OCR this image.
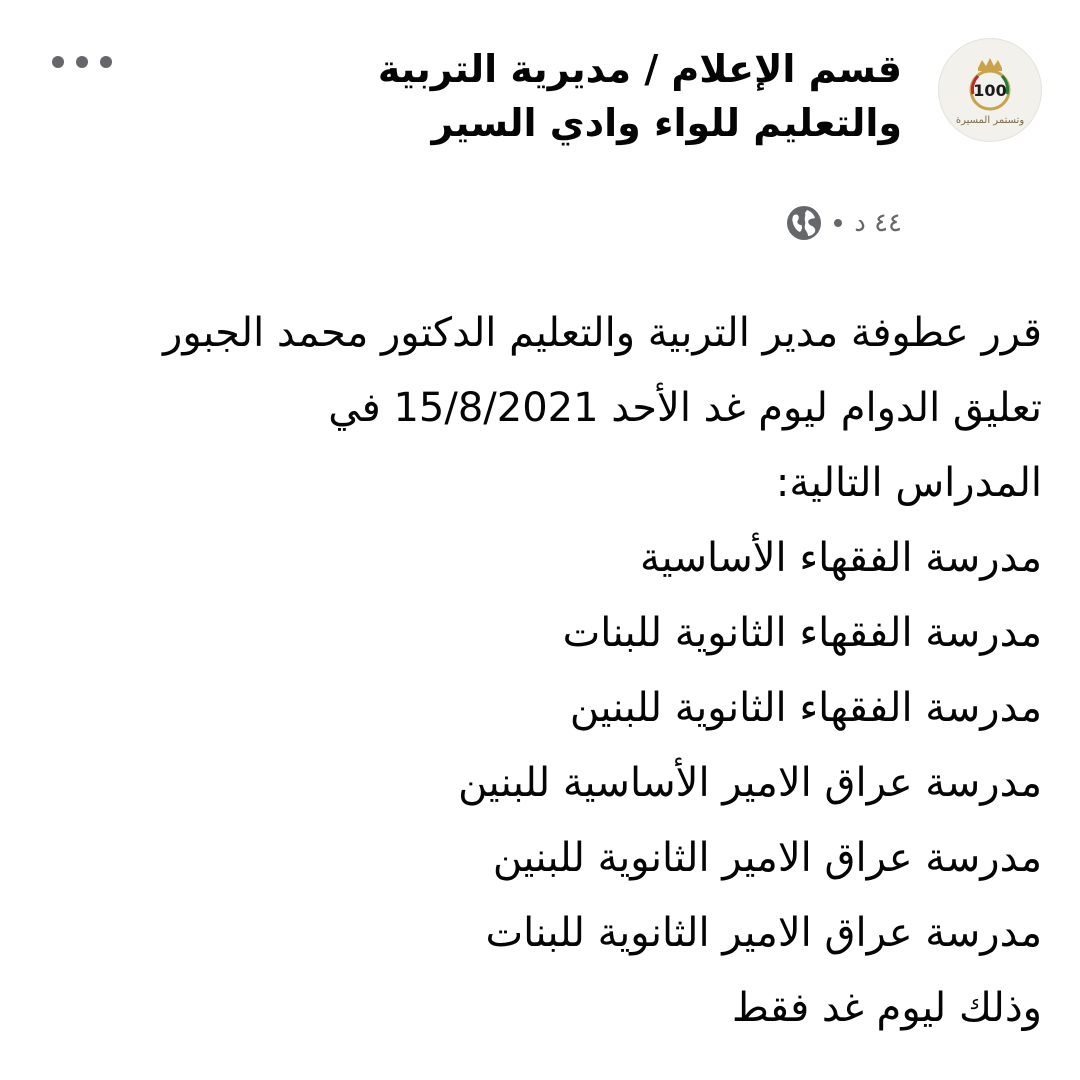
100
وتستمر المسيرة
قسم الإعلام / مديرية التربية والتعليم للواء وادي السير
٤٤ د
قرر عطوفة مدير التربية والتعليم الدكتور محمد الجبور
تعليق الدوام ليوم غد الأحد 15/8/2021 في
المدراس التالية:
مدرسة الفقهاء الأساسية
مدرسة الفقهاء الثانوية للبنات
مدرسة الفقهاء الثانوية للبنين
مدرسة عراق الامير الأساسية للبنين
مدرسة عراق الامير الثانوية للبنين
مدرسة عراق الامير الثانوية للبنات
وذلك ليوم غد فقط
